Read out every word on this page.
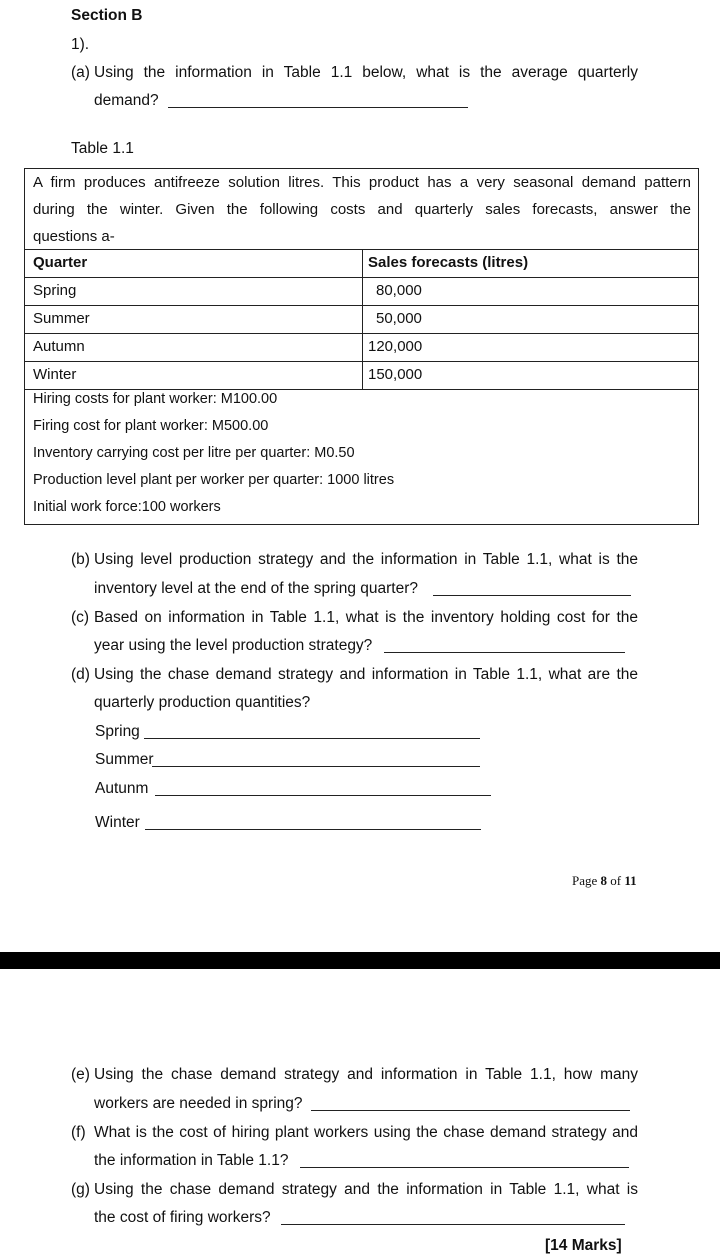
Section B
1).
(a) Using the information in Table 1.1 below, what is the average quarterly
demand?
Table 1.1
A firm produces antifreeze solution litres. This product has a very seasonal demand pattern
during the winter. Given the following costs and quarterly sales forecasts, answer the
questions a-
Quarter	Sales forecasts (litres)
Spring	80,000
Summer	50,000
Autumn	120,000
Winter	150,000
Hiring costs for plant worker: M100.00
Firing cost for plant worker: M500.00
Inventory carrying cost per litre per quarter: M0.50
Production level plant per worker per quarter: 1000 litres
Initial work force:100 workers
(b) Using level production strategy and the information in Table 1.1, what is the
inventory level at the end of the spring quarter?
(c) Based on information in Table 1.1, what is the inventory holding cost for the
year using the level production strategy?
(d) Using the chase demand strategy and information in Table 1.1, what are the
quarterly production quantities?
Spring
Summer
Autunm
Winter
Page 8 of 11
(e) Using the chase demand strategy and information in Table 1.1, how many
workers are needed in spring?
(f) What is the cost of hiring plant workers using the chase demand strategy and
the information in Table 1.1?
(g) Using the chase demand strategy and the information in Table 1.1, what is
the cost of firing workers?
[14 Marks]
